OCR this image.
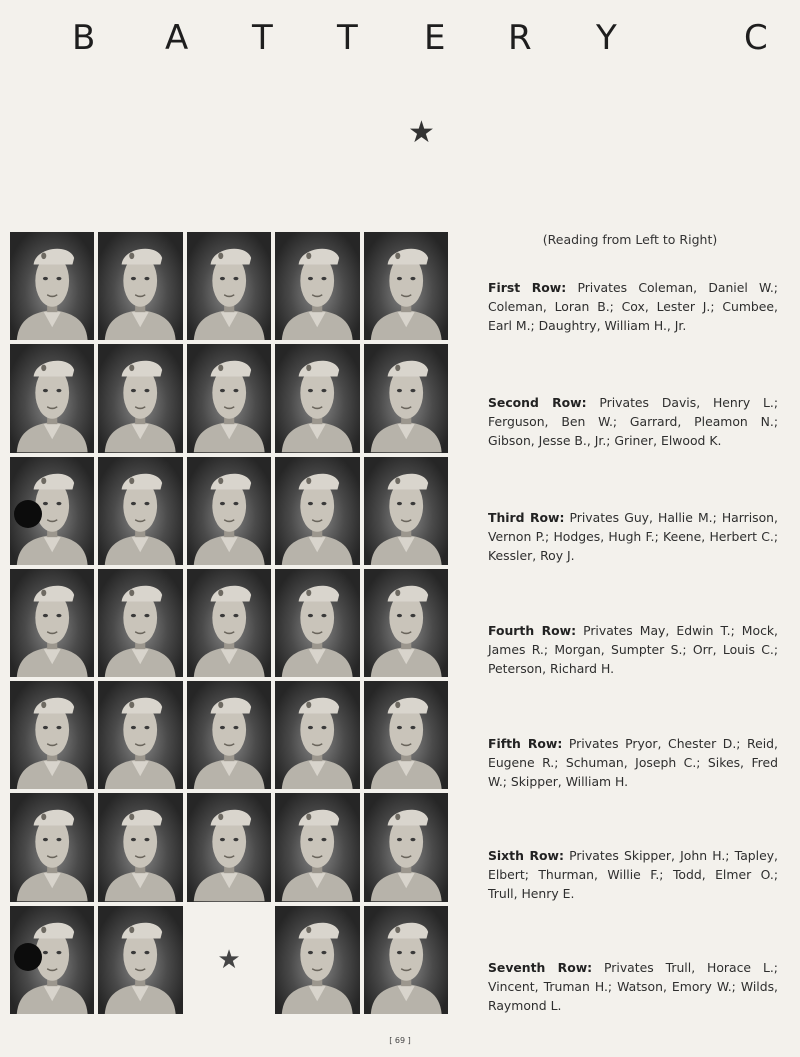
B A T T E R Y	C
★
★
(Reading from Left to Right)
First Row: Privates Coleman, Daniel W.; Coleman, Loran B.; Cox, Lester J.; Cumbee, Earl M.; Daughtry, William H., Jr.
Second Row: Privates Davis, Henry L.; Ferguson, Ben W.; Garrard, Pleamon N.; Gibson, Jesse B., Jr.; Griner, Elwood K.
Third Row: Privates Guy, Hallie M.; Harrison, Vernon P.; Hodges, Hugh F.; Keene, Herbert C.; Kessler, Roy J.
Fourth Row: Privates May, Edwin T.; Mock, James R.; Morgan, Sumpter S.; Orr, Louis C.; Peterson, Richard H.
Fifth Row: Privates Pryor, Chester D.; Reid, Eugene R.; Schuman, Joseph C.; Sikes, Fred W.; Skipper, William H.
Sixth Row: Privates Skipper, John H.; Tapley, Elbert; Thurman, Willie F.; Todd, Elmer O.; Trull, Henry E.
Seventh Row: Privates Trull, Horace L.; Vincent, Truman H.; Watson, Emory W.; Wilds, Raymond L.
[ 69 ]
